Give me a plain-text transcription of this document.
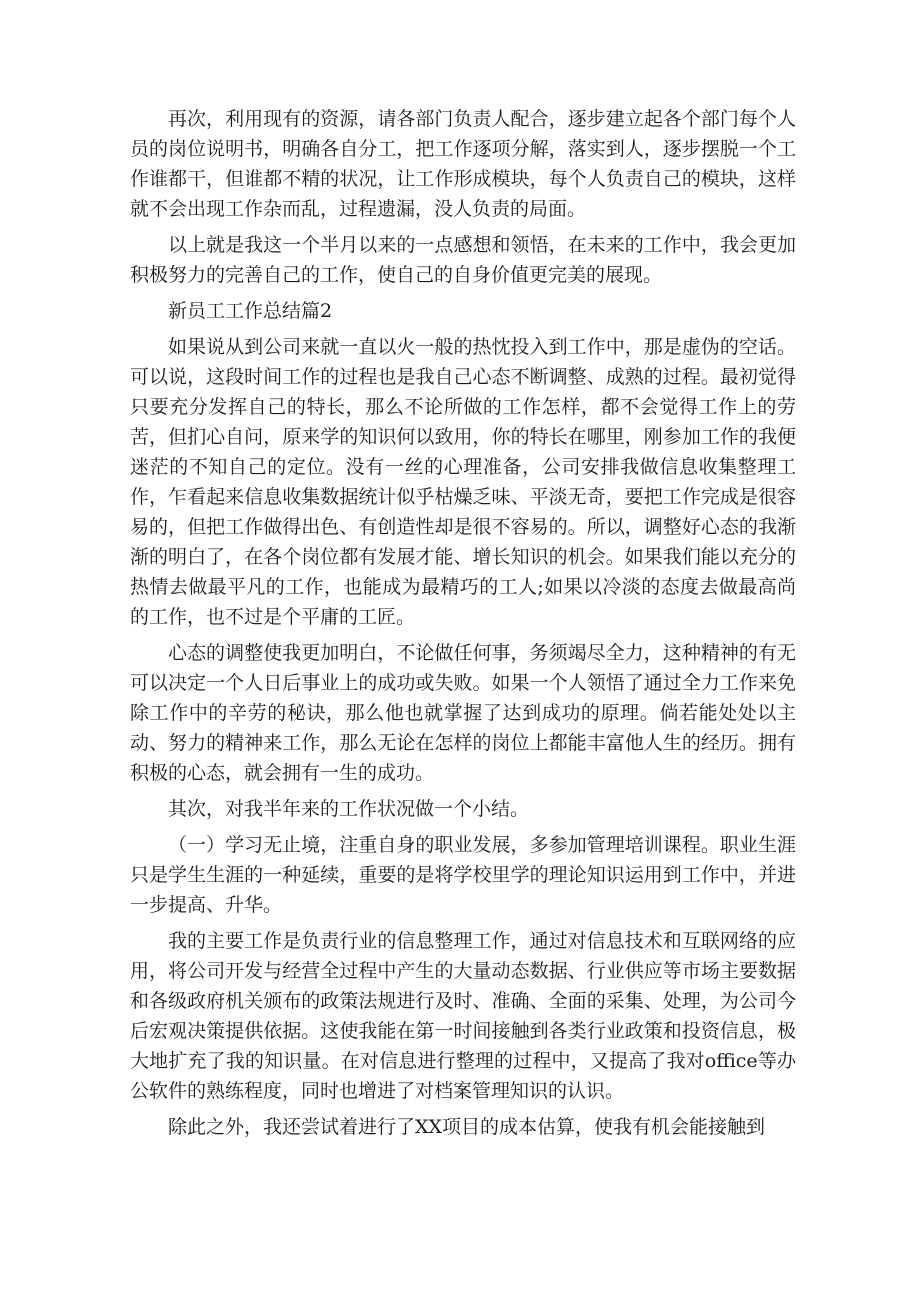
再次，利用现有的资源，请各部门负责人配合，逐步建立起各个部门每个人员的岗位说明书，明确各自分工，把工作逐项分解，落实到人，逐步摆脱一个工作谁都干，但谁都不精的状况，让工作形成模块，每个人负责自己的模块，这样就不会出现工作杂而乱，过程遗漏，没人负责的局面。

以上就是我这一个半月以来的一点感想和领悟，在未来的工作中，我会更加积极努力的完善自己的工作，使自己的自身价值更完美的展现。

新员工工作总结篇2

如果说从到公司来就一直以火一般的热忱投入到工作中，那是虚伪的空话。可以说，这段时间工作的过程也是我自己心态不断调整、成熟的过程。最初觉得只要充分发挥自己的特长，那么不论所做的工作怎样，都不会觉得工作上的劳苦，但扪心自问，原来学的知识何以致用，你的特长在哪里，刚参加工作的我便迷茫的不知自己的定位。没有一丝的心理准备，公司安排我做信息收集整理工作，乍看起来信息收集数据统计似乎枯燥乏味、平淡无奇，要把工作完成是很容易的，但把工作做得出色、有创造性却是很不容易的。所以，调整好心态的我渐渐的明白了，在各个岗位都有发展才能、增长知识的机会。如果我们能以充分的热情去做最平凡的工作，也能成为最精巧的工人;如果以冷淡的态度去做最高尚的工作，也不过是个平庸的工匠。

心态的调整使我更加明白，不论做任何事，务须竭尽全力，这种精神的有无可以决定一个人日后事业上的成功或失败。如果一个人领悟了通过全力工作来免除工作中的辛劳的秘诀，那么他也就掌握了达到成功的原理。倘若能处处以主动、努力的精神来工作，那么无论在怎样的岗位上都能丰富他人生的经历。拥有积极的心态，就会拥有一生的成功。

其次，对我半年来的工作状况做一个小结。

（一）学习无止境，注重自身的职业发展，多参加管理培训课程。职业生涯只是学生生涯的一种延续，重要的是将学校里学的理论知识运用到工作中，并进一步提高、升华。

我的主要工作是负责行业的信息整理工作，通过对信息技术和互联网络的应用，将公司开发与经营全过程中产生的大量动态数据、行业供应等市场主要数据和各级政府机关颁布的政策法规进行及时、准确、全面的采集、处理，为公司今后宏观决策提供依据。这使我能在第一时间接触到各类行业政策和投资信息，极大地扩充了我的知识量。在对信息进行整理的过程中，又提高了我对office等办公软件的熟练程度，同时也增进了对档案管理知识的认识。

除此之外，我还尝试着进行了XX项目的成本估算，使我有机会能接触到
